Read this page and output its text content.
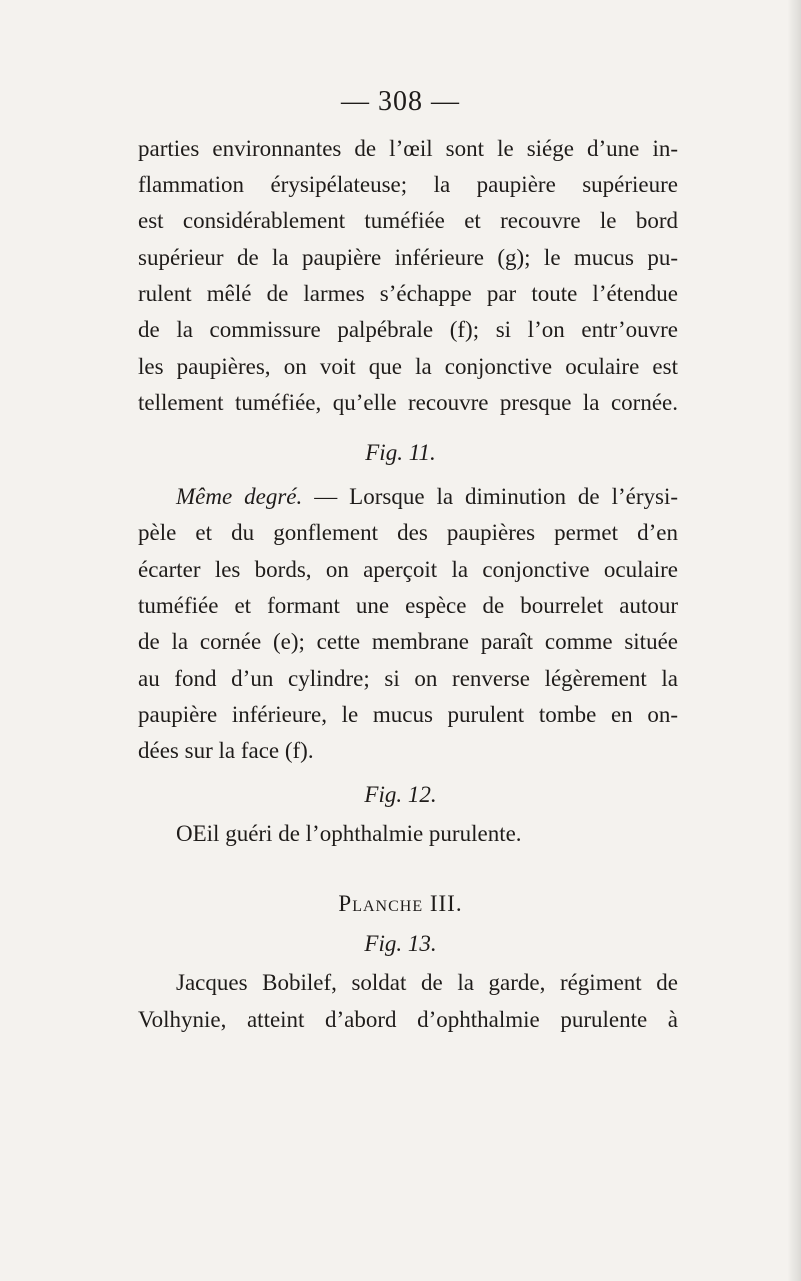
— 308 —
parties environnantes de l’œil sont le siége d’une in-
flammation érysipélateuse; la paupière supérieure
est considérablement tuméfiée et recouvre le bord
supérieur de la paupière inférieure (g); le mucus pu-
rulent mêlé de larmes s’échappe par toute l’étendue
de la commissure palpébrale (f); si l’on entr’ouvre
les paupières, on voit que la conjonctive oculaire est
tellement tuméfiée, qu’elle recouvre presque la cornée.
Fig. 11.
Même degré. — Lorsque la diminution de l’érysi-
pèle et du gonflement des paupières permet d’en
écarter les bords, on aperçoit la conjonctive oculaire
tuméfiée et formant une espèce de bourrelet autour
de la cornée (e); cette membrane paraît comme située
au fond d’un cylindre; si on renverse légèrement la
paupière inférieure, le mucus purulent tombe en on-
dées sur la face (f).
Fig. 12.
OEil guéri de l’ophthalmie purulente.
Planche III.
Fig. 13.
Jacques Bobilef, soldat de la garde, régiment de
Volhynie, atteint d’abord d’ophthalmie purulente à
